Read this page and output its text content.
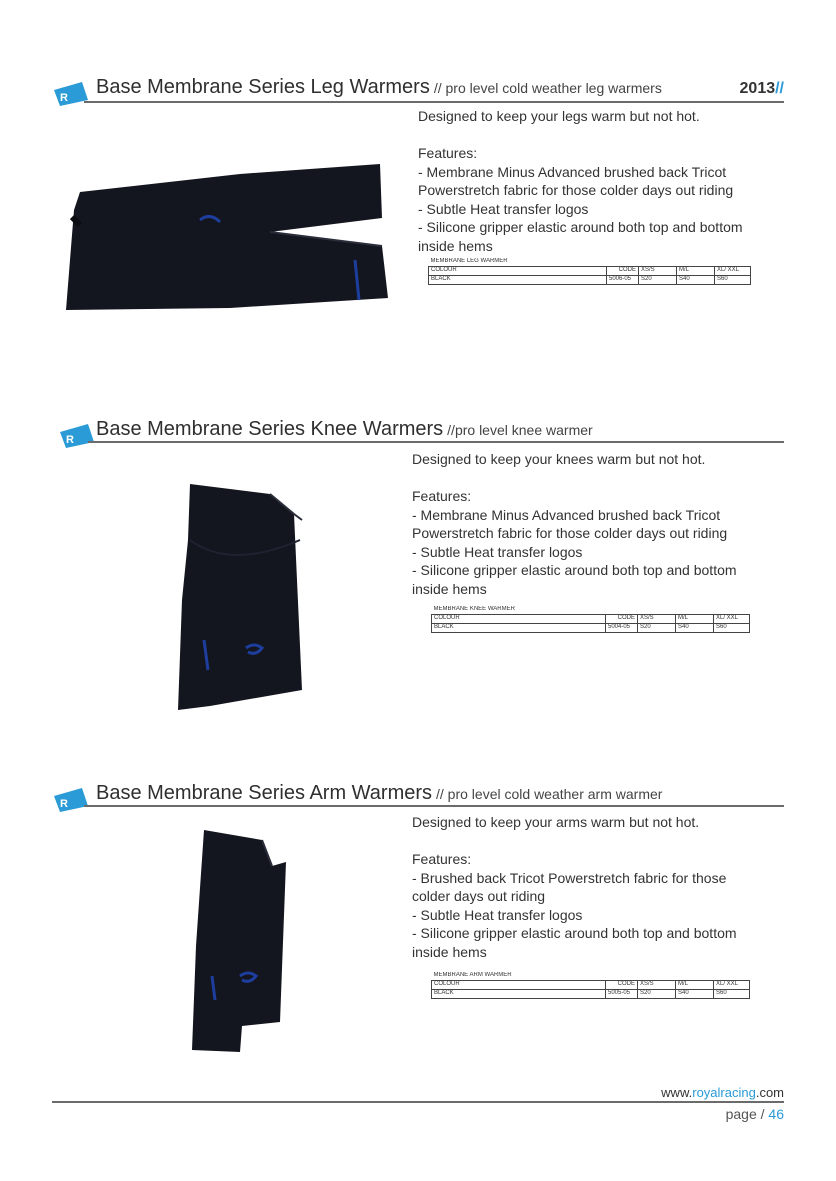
R Base Membrane Series Leg Warmers // pro level cold weather leg warmers	2013//
Designed to keep your legs warm but not hot.

Features:
- Membrane Minus Advanced brushed back Tricot
Powerstretch fabric for those colder days out riding
- Subtle Heat transfer logos
- Silicone gripper elastic around both top and bottom
inside hems
MEMBRANE LEG WARMER				
COLOUR	CODE	XS/S	M/L	XL/ XXL
BLACK	5006-05	S20	S40	S60
R Base Membrane Series Knee Warmers //pro level knee warmer
Designed to keep your knees warm but not hot.

Features:
- Membrane Minus Advanced brushed back Tricot
Powerstretch fabric for those colder days out riding
- Subtle Heat transfer logos
- Silicone gripper elastic around both top and bottom
inside hems
MEMBRANE KNEE WARMER				
COLOUR	CODE	XS/S	M/L	XL/ XXL
BLACK	5004-05	S20	S40	S60
R Base Membrane Series Arm Warmers // pro level cold weather arm warmer
Designed to keep your arms warm but not hot.

Features:
- Brushed back Tricot Powerstretch fabric for those
colder days out riding
- Subtle Heat transfer logos
- Silicone gripper elastic around both top and bottom
inside hems
MEMBRANE ARM WARMER				
COLOUR	CODE	XS/S	M/L	XL/ XXL
BLACK	5005-05	S20	S40	S60
www.royalracing.com
page / 46
